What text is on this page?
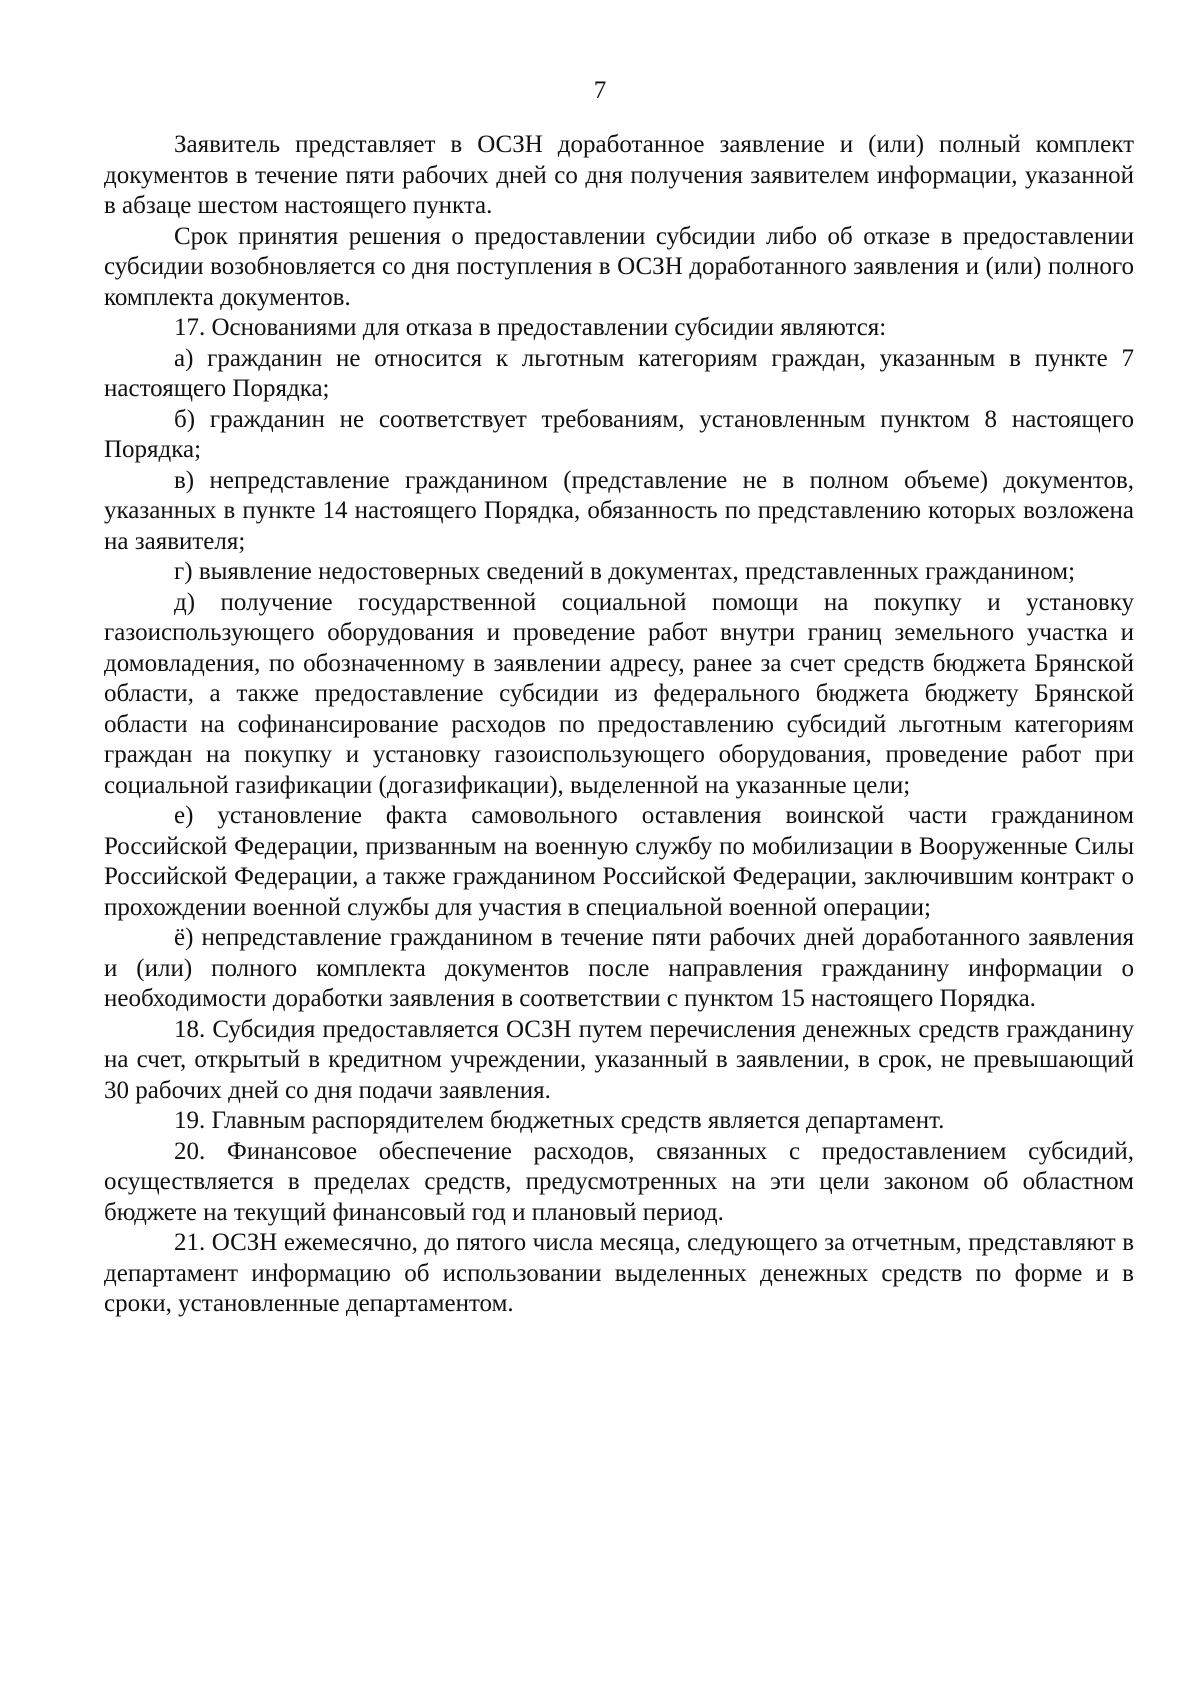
7

Заявитель представляет в ОСЗН доработанное заявление и (или) полный комплект документов в течение пяти рабочих дней со дня получения заявителем информации, указанной в абзаце шестом настоящего пункта.

Срок принятия решения о предоставлении субсидии либо об отказе в предоставлении субсидии возобновляется со дня поступления в ОСЗН доработанного заявления и (или) полного комплекта документов.

17. Основаниями для отказа в предоставлении субсидии являются:

а) гражданин не относится к льготным категориям граждан, указанным в пункте 7 настоящего Порядка;

б) гражданин не соответствует требованиям, установленным пунктом 8 настоящего Порядка;

в) непредставление гражданином (представление не в полном объеме) документов, указанных в пункте 14 настоящего Порядка, обязанность по представлению которых возложена на заявителя;

г) выявление недостоверных сведений в документах, представленных гражданином;

д) получение государственной социальной помощи на покупку и установку газоиспользующего оборудования и проведение работ внутри границ земельного участка и домовладения, по обозначенному в заявлении адресу, ранее за счет средств бюджета Брянской области, а также предоставление субсидии из федерального бюджета бюджету Брянской области на софинансирование расходов по предоставлению субсидий льготным категориям граждан на покупку и установку газоиспользующего оборудования, проведение работ при социальной газификации (догазификации), выделенной на указанные цели;

е) установление факта самовольного оставления воинской части гражданином Российской Федерации, призванным на военную службу по мобилизации в Вооруженные Силы Российской Федерации, а также гражданином Российской Федерации, заключившим контракт о прохождении военной службы для участия в специальной военной операции;

ё) непредставление гражданином в течение пяти рабочих дней доработанного заявления и (или) полного комплекта документов после направления гражданину информации о необходимости доработки заявления в соответствии с пунктом 15 настоящего Порядка.

18. Субсидия предоставляется ОСЗН путем перечисления денежных средств гражданину на счет, открытый в кредитном учреждении, указанный в заявлении, в срок, не превышающий 30 рабочих дней со дня подачи заявления.

19. Главным распорядителем бюджетных средств является департамент.

20. Финансовое обеспечение расходов, связанных с предоставлением субсидий, осуществляется в пределах средств, предусмотренных на эти цели законом об областном бюджете на текущий финансовый год и плановый период.

21. ОСЗН ежемесячно, до пятого числа месяца, следующего за отчетным, представляют в департамент информацию об использовании выделенных денежных средств по форме и в сроки, установленные департаментом.
